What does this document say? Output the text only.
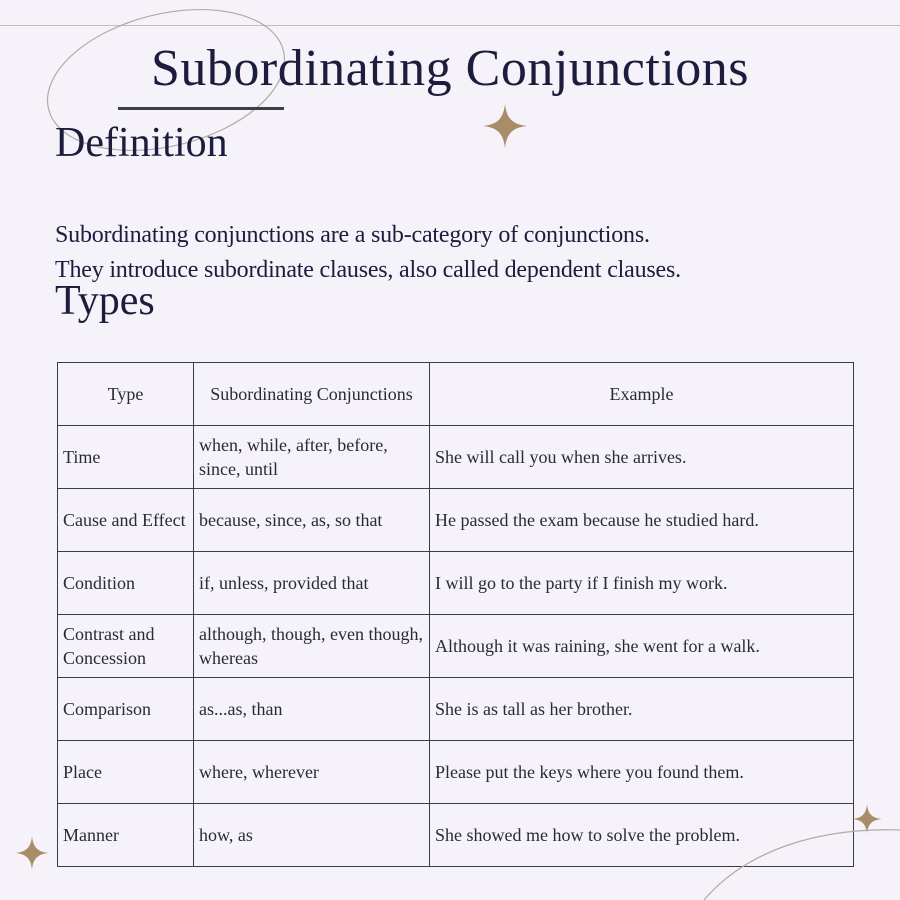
Subordinating Conjunctions
Definition

Subordinating conjunctions are a sub-category of conjunctions.
They introduce subordinate clauses, also called dependent clauses.

Types
Type	Subordinating Conjunctions	Example
Time	when, while, after, before, since, until	She will call you when she arrives.
Cause and Effect	because, since, as, so that	He passed the exam because he studied hard.
Condition	if, unless, provided that	I will go to the party if I finish my work.
Contrast and Concession	although, though, even though, whereas	Although it was raining, she went for a walk.
Comparison	as...as, than	She is as tall as her brother.
Place	where, wherever	Please put the keys where you found them.
Manner	how, as	She showed me how to solve the problem.
